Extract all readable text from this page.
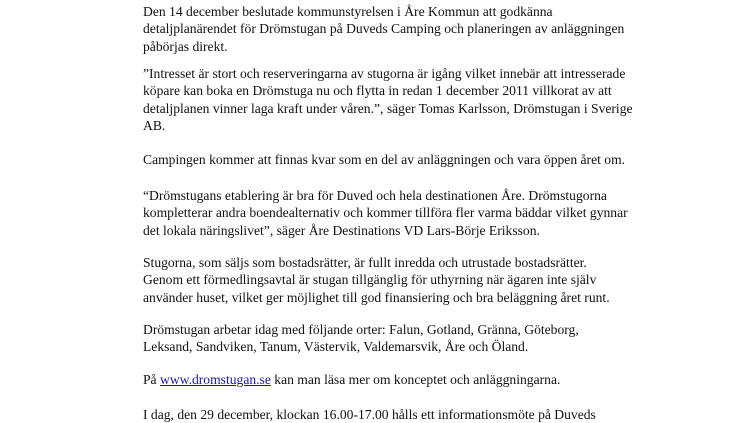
Den 14 december beslutade kommunstyrelsen i Åre Kommun att godkänna
detaljplanärendet för Drömstugan på Duveds Camping och planeringen av anläggningen
påbörjas direkt.

”Intresset är stort och reserveringarna av stugorna är igång vilket innebär att intresserade
köpare kan boka en Drömstuga nu och flytta in redan 1 december 2011 villkorat av att
detaljplanen vinner laga kraft under våren.”, säger Tomas Karlsson, Drömstugan i Sverige
AB.

Campingen kommer att finnas kvar som en del av anläggningen och vara öppen året om.

“Drömstugans etablering är bra för Duved och hela destinationen Åre. Drömstugorna
kompletterar andra boendealternativ och kommer tillföra fler varma bäddar vilket gynnar
det lokala näringslivet”, säger Åre Destinations VD Lars-Börje Eriksson.

Stugorna, som säljs som bostadsrätter, är fullt inredda och utrustade bostadsrätter.
Genom ett förmedlingsavtal är stugan tillgänglig för uthyrning när ägaren inte själv
använder huset, vilket ger möjlighet till god finansiering och bra beläggning året runt.

Drömstugan arbetar idag med följande orter: Falun, Gotland, Gränna, Göteborg,
Leksand, Sandviken, Tanum, Västervik, Valdemarsvik, Åre och Öland.

På www.dromstugan.se kan man läsa mer om konceptet och anläggningarna.

I dag, den 29 december, klockan 16.00-17.00 hålls ett informationsmöte på Duveds
